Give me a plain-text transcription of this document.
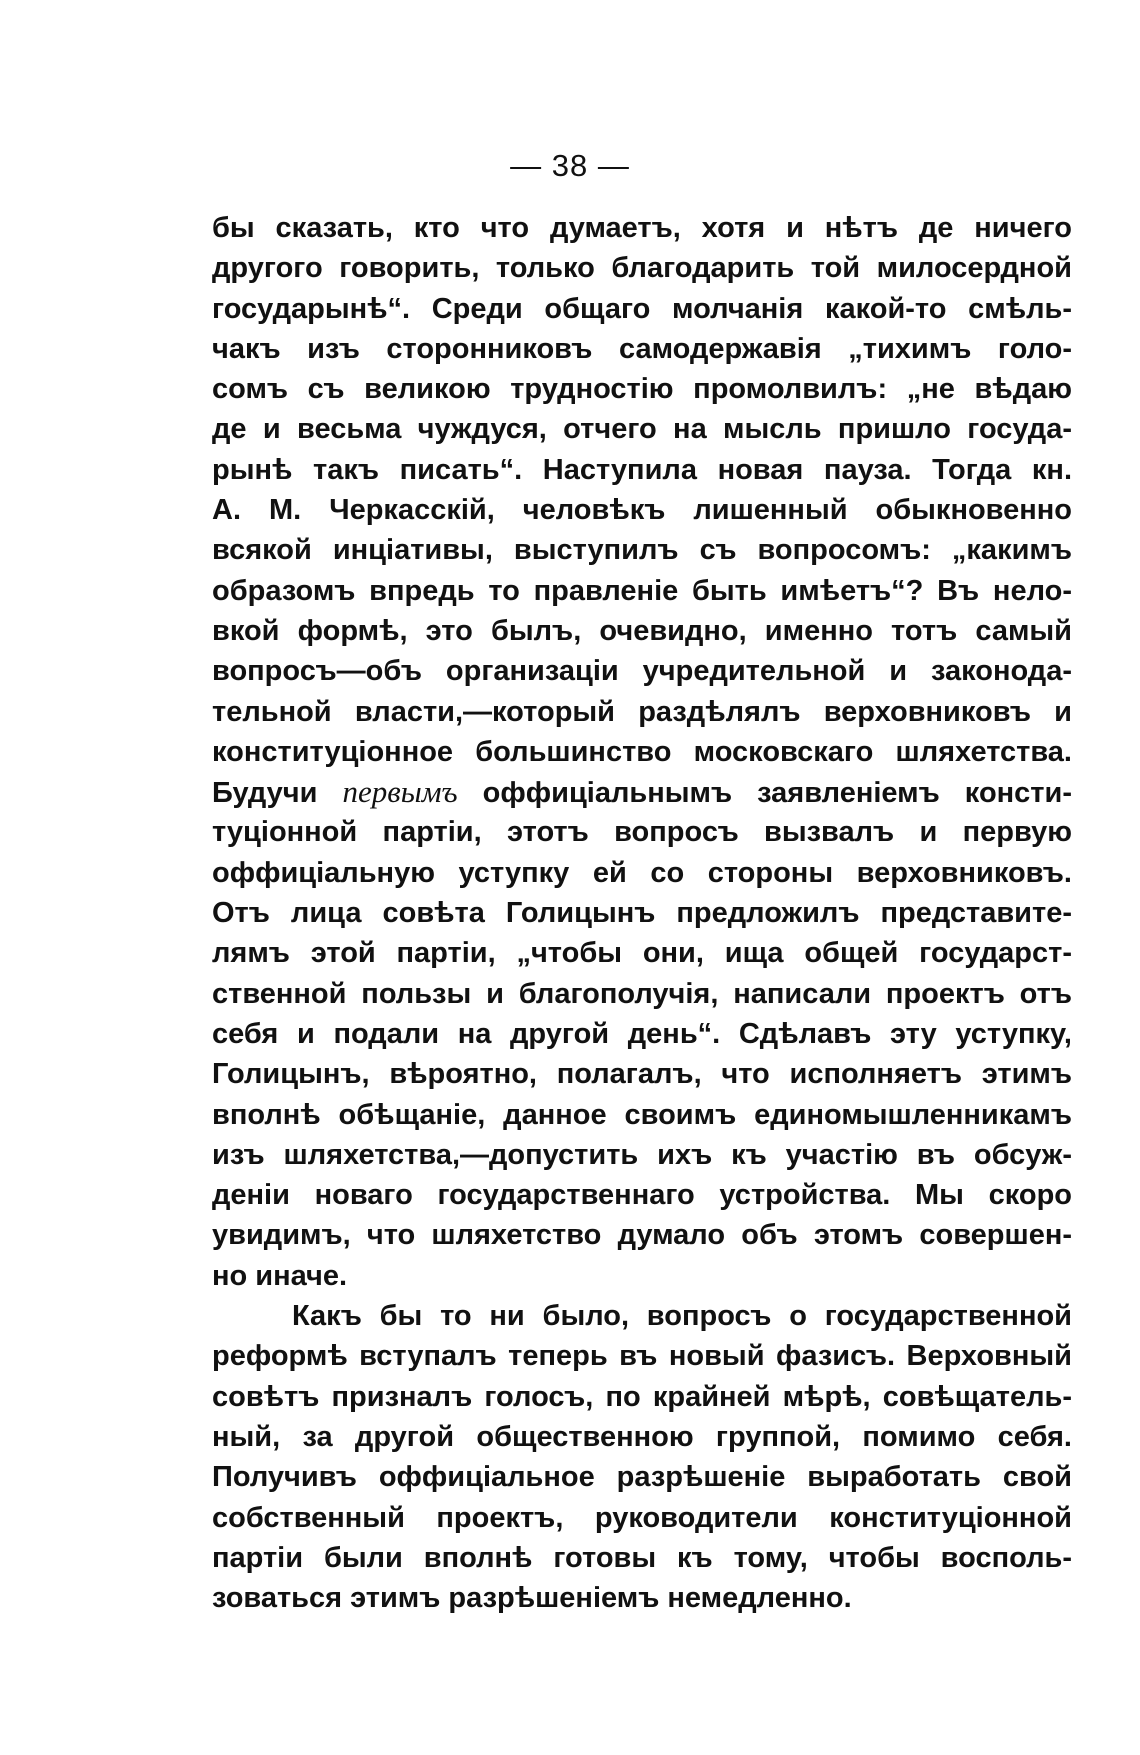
— 38 —
бы сказать, кто что думаетъ, хотя и нѣтъ де ничего
другого говорить, только благодарить той милосердной
государынѣ“. Среди общаго молчанія какой-то смѣль-
чакъ изъ сторонниковъ самодержавія „тихимъ голо-
сомъ съ великою трудностію промолвилъ: „не вѣдаю
де и весьма чуждуся, отчего на мысль пришло госуда-
рынѣ такъ писать“. Наступила новая пауза. Тогда кн.
А. М. Черкасскій, человѣкъ лишенный обыкновенно
всякой инціативы, выступилъ съ вопросомъ: „какимъ
образомъ впредь то правленіе быть имѣетъ“? Въ нело-
вкой формѣ, это былъ, очевидно, именно тотъ самый
вопросъ—объ организаціи учредительной и законода-
тельной власти,—который раздѣлялъ верховниковъ и
конституціонное большинство московскаго шляхетства.
Будучи первымъ оффиціальнымъ заявленіемъ консти-
туціонной партіи, этотъ вопросъ вызвалъ и первую
оффиціальную уступку ей со стороны верховниковъ.
Отъ лица совѣта Голицынъ предложилъ представите-
лямъ этой партіи, „чтобы они, ища общей государст-
ственной пользы и благополучія, написали проектъ отъ
себя и подали на другой день“. Сдѣлавъ эту уступку,
Голицынъ, вѣроятно, полагалъ, что исполняетъ этимъ
вполнѣ обѣщаніе, данное своимъ единомышленникамъ
изъ шляхетства,—допустить ихъ къ участію въ обсуж-
деніи новаго государственнаго устройства. Мы скоро
увидимъ, что шляхетство думало объ этомъ совершен-
но иначе.
Какъ бы то ни было, вопросъ о государственной
реформѣ вступалъ теперь въ новый фазисъ. Верховный
совѣтъ призналъ голосъ, по крайней мѣрѣ, совѣщатель-
ный, за другой общественною группой, помимо себя.
Получивъ оффиціальное разрѣшеніе выработать свой
собственный проектъ, руководители конституціонной
партіи были вполнѣ готовы къ тому, чтобы восполь-
зоваться этимъ разрѣшеніемъ немедленно.
